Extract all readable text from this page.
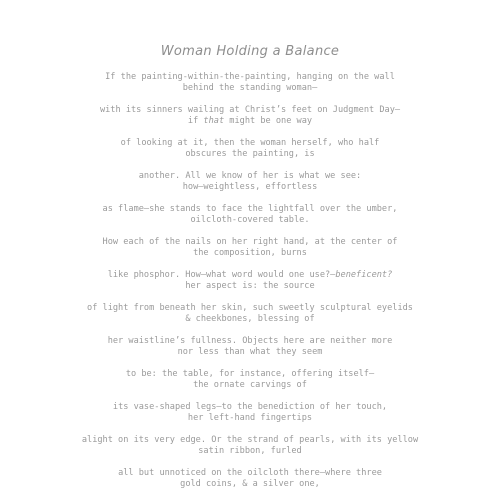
Woman Holding a Balance
If the painting-within-the-painting, hanging on the wall
behind the standing woman—
with its sinners wailing at Christ’s feet on Judgment Day—
if that might be one way
of looking at it, then the woman herself, who half
obscures the painting, is
another. All we know of her is what we see:
how—weightless, effortless
as flame—she stands to face the lightfall over the umber,
oilcloth-covered table.
How each of the nails on her right hand, at the center of
the composition, burns
like phosphor. How—what word would one use?—beneficent?
her aspect is: the source
of light from beneath her skin, such sweetly sculptural eyelids
& cheekbones, blessing of
her waistline’s fullness. Objects here are neither more
nor less than what they seem
to be: the table, for instance, offering itself—
the ornate carvings of
its vase-shaped legs—to the benediction of her touch,
her left-hand fingertips
alight on its very edge. Or the strand of pearls, with its yellow
satin ribbon, furled
all but unnoticed on the oilcloth there—where three
gold coins, & a silver one,
